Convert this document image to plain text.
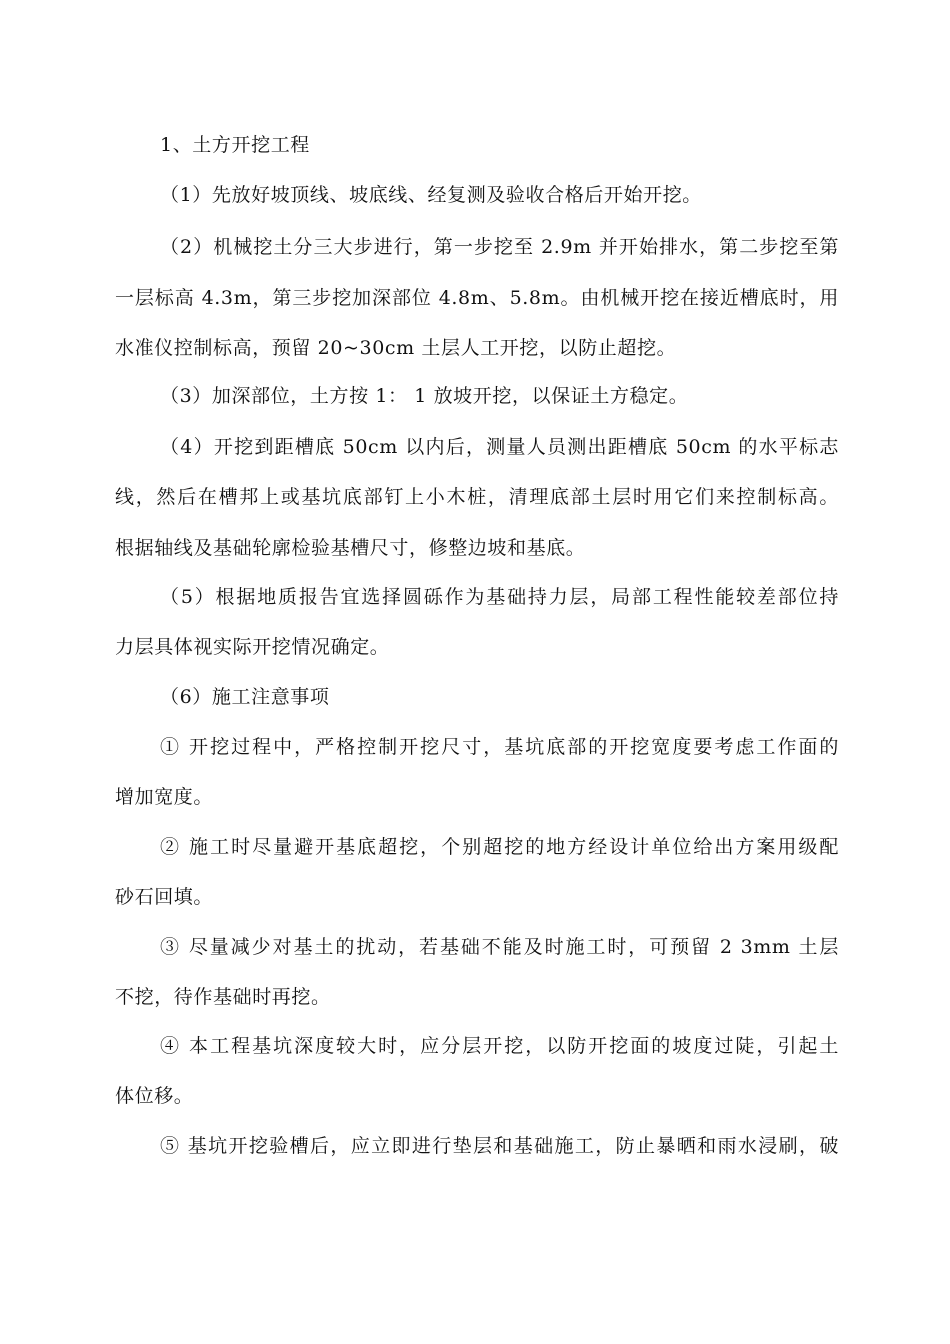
1、土方开挖工程
（1）先放好坡顶线、坡底线、经复测及验收合格后开始开挖。
（2）机械挖土分三大步进行，第一步挖至 2.9m 并开始排水，第二步挖至第
一层标高 4.3m，第三步挖加深部位 4.8m、5.8m。由机械开挖在接近槽底时，用
水准仪控制标高，预留 20~30cm 土层人工开挖，以防止超挖。
（3）加深部位，土方按 1： 1 放坡开挖，以保证土方稳定。
（4）开挖到距槽底 50cm 以内后，测量人员测出距槽底 50cm 的水平标志
线，然后在槽邦上或基坑底部钉上小木桩，清理底部土层时用它们来控制标高。
根据轴线及基础轮廓检验基槽尺寸，修整边坡和基底。
（5）根据地质报告宜选择圆砾作为基础持力层，局部工程性能较差部位持
力层具体视实际开挖情况确定。
（6）施工注意事项
① 开挖过程中，严格控制开挖尺寸，基坑底部的开挖宽度要考虑工作面的
增加宽度。
② 施工时尽量避开基底超挖，个别超挖的地方经设计单位给出方案用级配
砂石回填。
③ 尽量减少对基土的扰动，若基础不能及时施工时，可预留 2 3mm 土层
不挖，待作基础时再挖。
④ 本工程基坑深度较大时，应分层开挖，以防开挖面的坡度过陡，引起土
体位移。
⑤ 基坑开挖验槽后，应立即进行垫层和基础施工，防止暴晒和雨水浸刷，破
